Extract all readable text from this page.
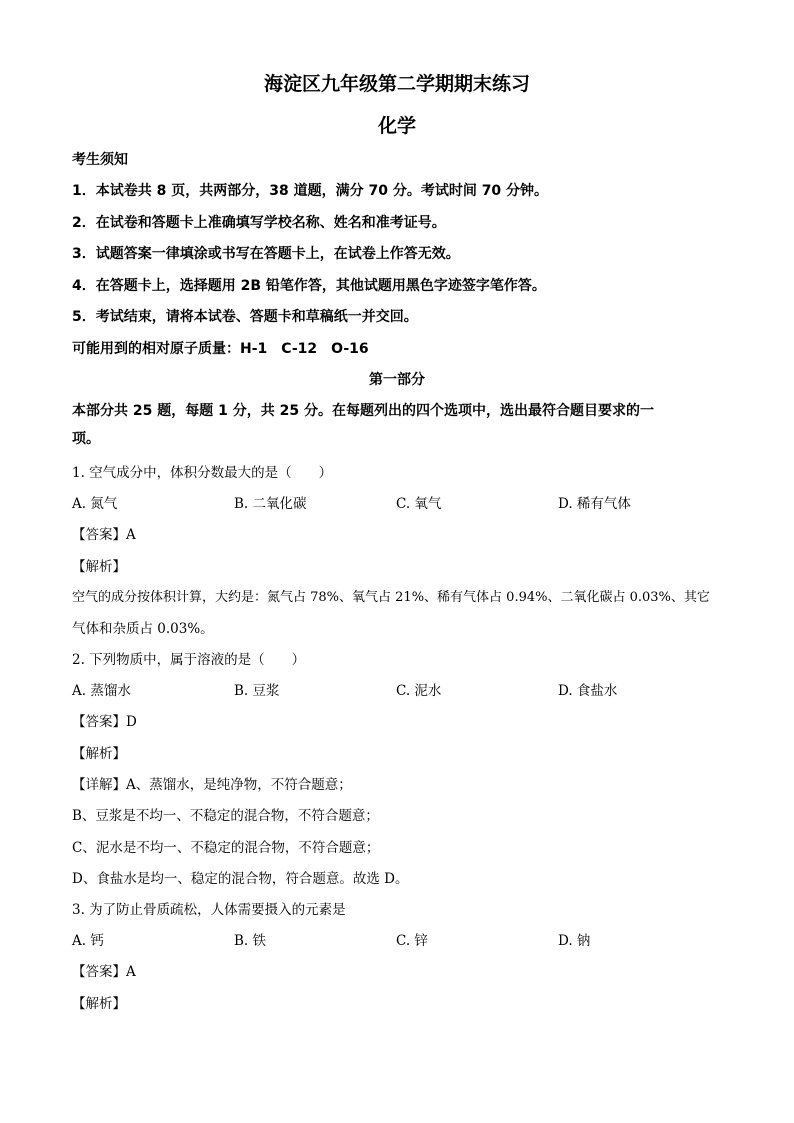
海淀区九年级第二学期期末练习
化学
考生须知
1．本试卷共 8 页，共两部分，38 道题，满分 70 分。考试时间 70 分钟。
2．在试卷和答题卡上准确填写学校名称、姓名和准考证号。
3．试题答案一律填涂或书写在答题卡上，在试卷上作答无效。
4．在答题卡上，选择题用 2B 铅笔作答，其他试题用黑色字迹签字笔作答。
5．考试结束，请将本试卷、答题卡和草稿纸一并交回。
可能用到的相对原子质量：H-1　C-12　O-16
第一部分
本部分共 25 题，每题 1 分，共 25 分。在每题列出的四个选项中，选出最符合题目要求的一
项。
1. 空气成分中，体积分数最大的是（　　）
A. 氮气	B. 二氧化碳	C. 氧气	D. 稀有气体
【答案】A
【解析】
空气的成分按体积计算，大约是：氮气占 78%、氧气占 21%、稀有气体占 0.94%、二氧化碳占 0.03%、其它
气体和杂质占 0.03%。
2. 下列物质中，属于溶液的是（　　）
A. 蒸馏水	B. 豆浆	C. 泥水	D. 食盐水
【答案】D
【解析】
【详解】A、蒸馏水，是纯净物，不符合题意；
B、豆浆是不均一、不稳定的混合物，不符合题意；
C、泥水是不均一、不稳定的混合物，不符合题意；
D、食盐水是均一、稳定的混合物，符合题意。故选 D。
3. 为了防止骨质疏松，人体需要摄入的元素是
A. 钙	B. 铁	C. 锌	D. 钠
【答案】A
【解析】
